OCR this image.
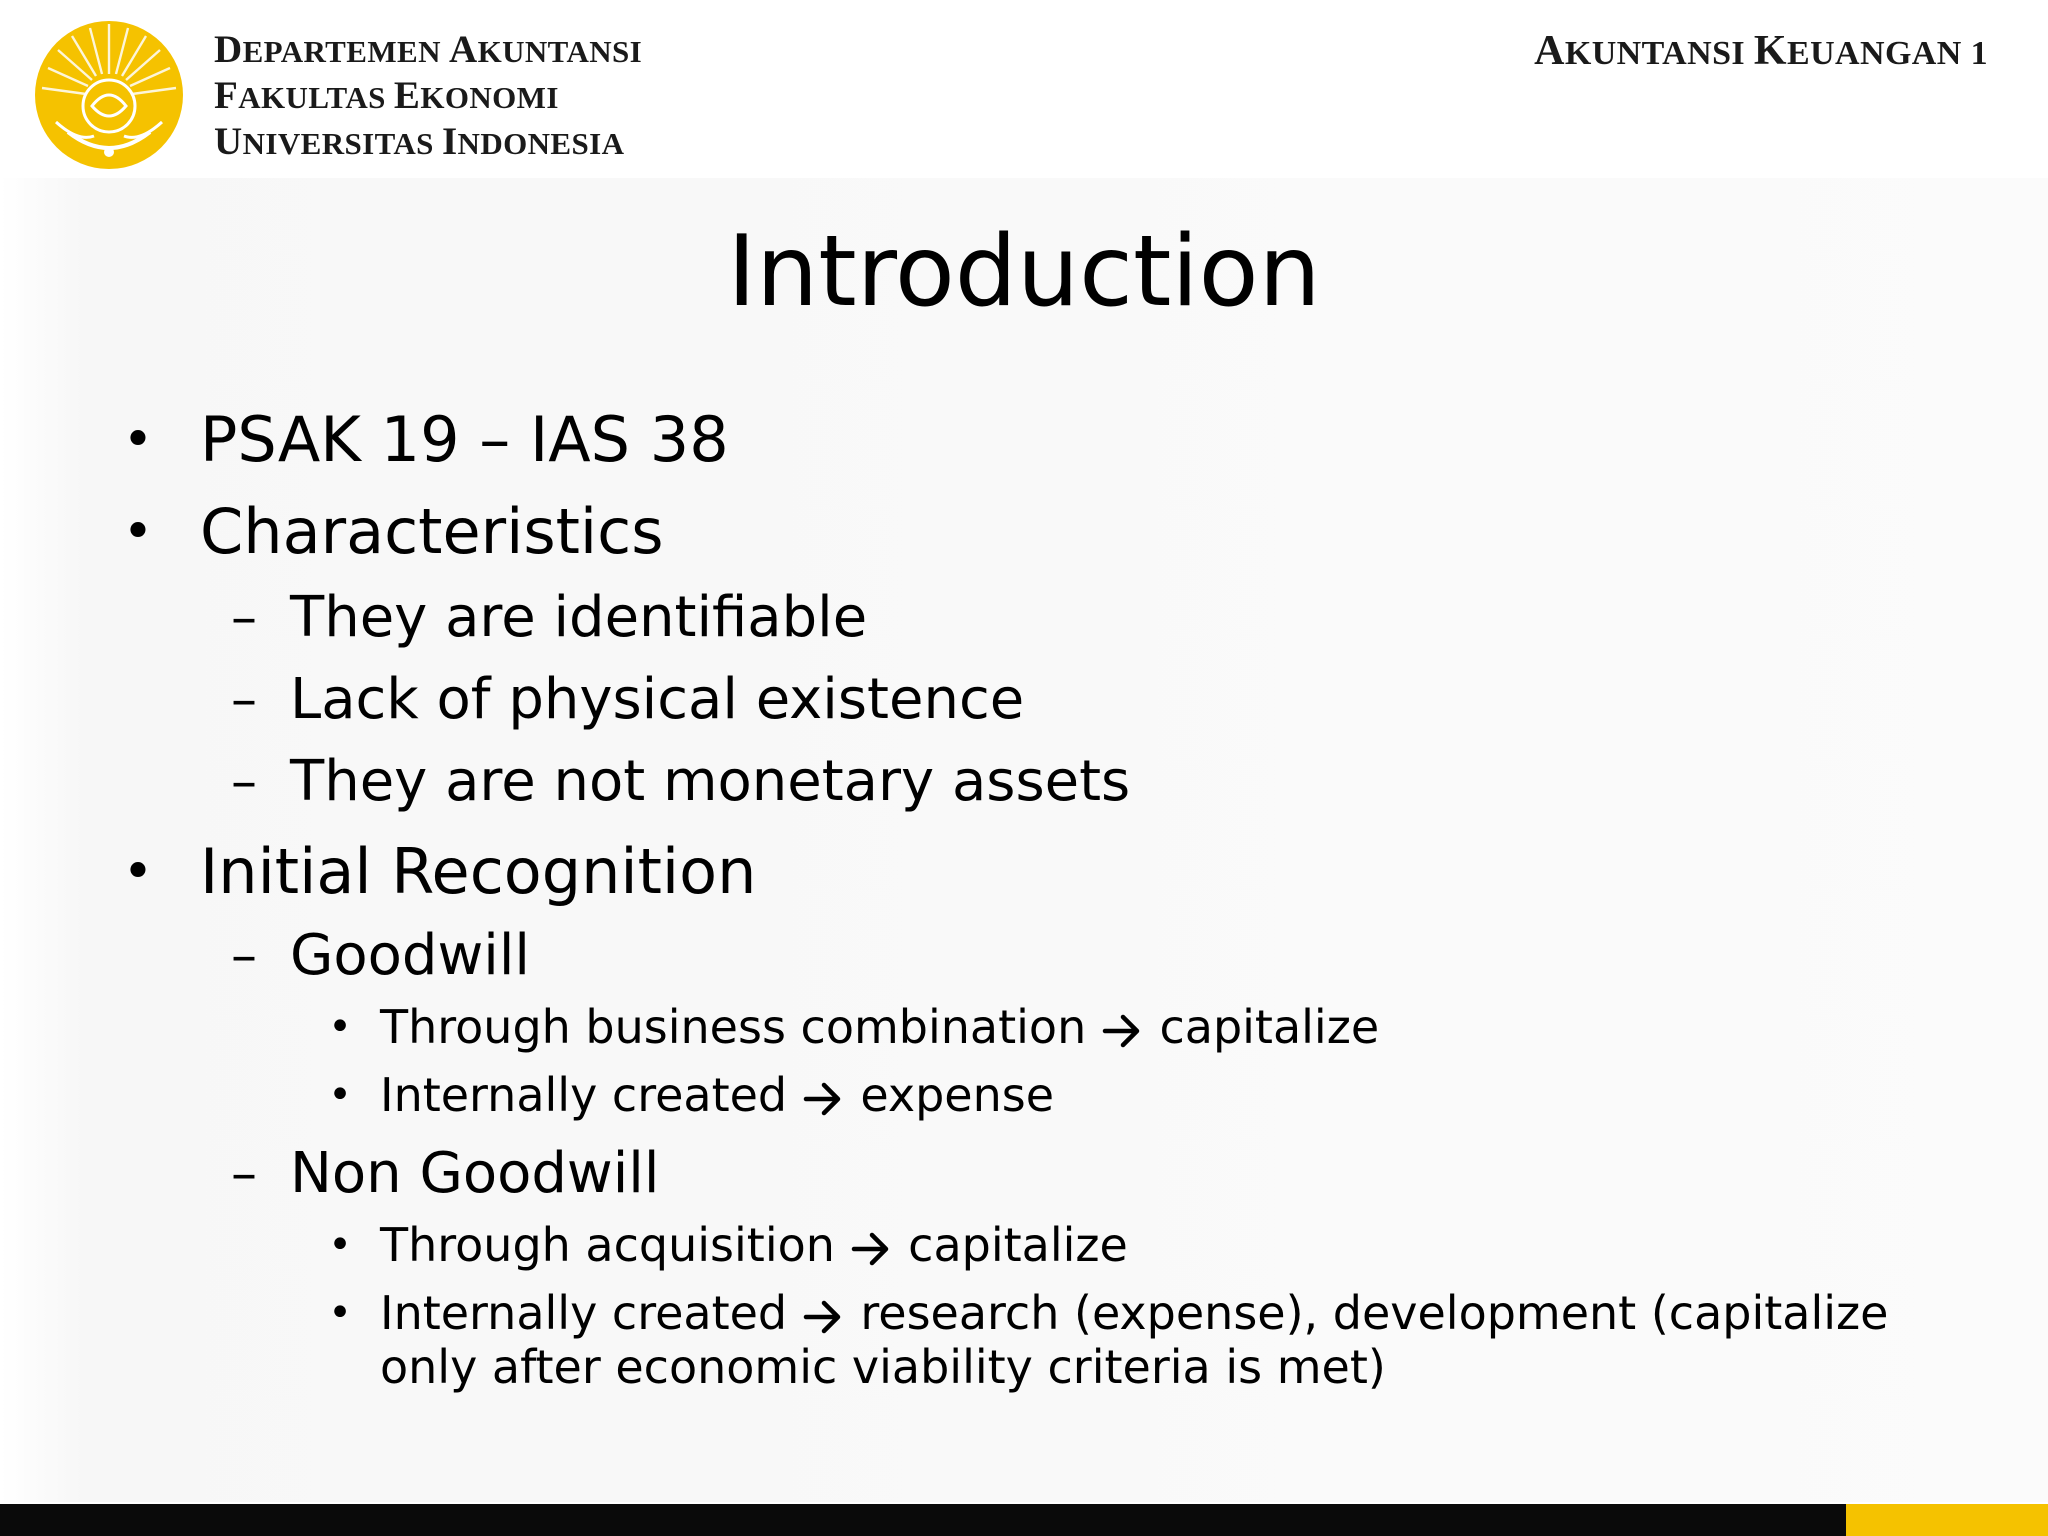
DEPARTEMEN AKUNTANSI
FAKULTAS EKONOMI
UNIVERSITAS INDONESIA
AKUNTANSI KEUANGAN 1
Introduction
• PSAK 19 – IAS 38
• Characteristics
– They are identifiable
– Lack of physical existence
– They are not monetary assets
• Initial Recognition
– Goodwill
• Through business combination  capitalize
• Internally created  expense
– Non Goodwill
• Through acquisition  capitalize
• Internally created  research (expense), development (capitalize
only after economic viability criteria is met)
